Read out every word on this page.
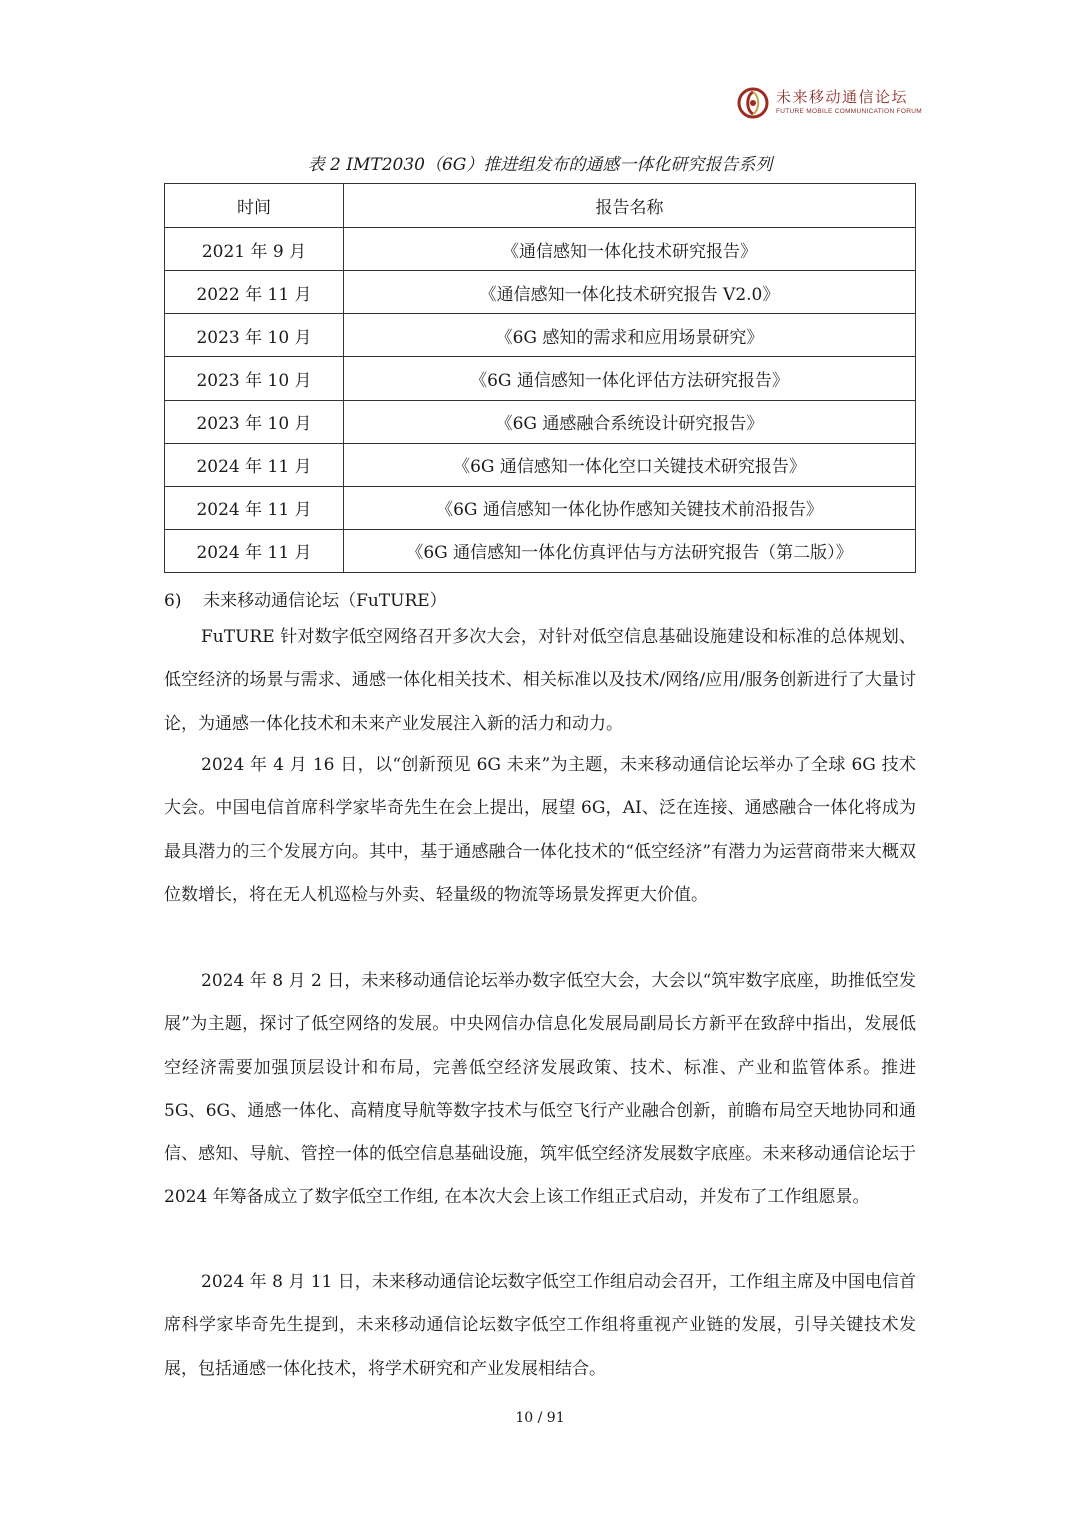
未来移动通信论坛
FUTURE MOBILE COMMUNICATION FORUM
表 2 IMT2030（6G）推进组发布的通感一体化研究报告系列
时间	报告名称
2021 年 9 月	《通信感知一体化技术研究报告》
2022 年 11 月	《通信感知一体化技术研究报告 V2.0》
2023 年 10 月	《6G 感知的需求和应用场景研究》
2023 年 10 月	《6G 通信感知一体化评估方法研究报告》
2023 年 10 月	《6G 通感融合系统设计研究报告》
2024 年 11 月	《6G 通信感知一体化空口关键技术研究报告》
2024 年 11 月	《6G 通信感知一体化协作感知关键技术前沿报告》
2024 年 11 月	《6G 通信感知一体化仿真评估与方法研究报告（第二版）》
6)    未来移动通信论坛（FuTURE）

FuTURE 针对数字低空网络召开多次大会，对针对低空信息基础设施建设和标准的总体规划、低空经济的场景与需求、通感一体化相关技术、相关标准以及技术/网络/应用/服务创新进行了大量讨论，为通感一体化技术和未来产业发展注入新的活力和动力。

2024 年 4 月 16 日，以“创新预见 6G 未来”为主题，未来移动通信论坛举办了全球 6G 技术大会。中国电信首席科学家毕奇先生在会上提出，展望 6G，AI、泛在连接、通感融合一体化将成为最具潜力的三个发展方向。其中，基于通感融合一体化技术的“低空经济”有潜力为运营商带来大概双位数增长，将在无人机巡检与外卖、轻量级的物流等场景发挥更大价值。

2024 年 8 月 2 日，未来移动通信论坛举办数字低空大会，大会以“筑牢数字底座，助推低空发展”为主题，探讨了低空网络的发展。中央网信办信息化发展局副局长方新平在致辞中指出，发展低空经济需要加强顶层设计和布局，完善低空经济发展政策、技术、标准、产业和监管体系。推进 5G、6G、通感一体化、高精度导航等数字技术与低空飞行产业融合创新，前瞻布局空天地协同和通信、感知、导航、管控一体的低空信息基础设施，筑牢低空经济发展数字底座。未来移动通信论坛于 2024 年筹备成立了数字低空工作组, 在本次大会上该工作组正式启动，并发布了工作组愿景。

2024 年 8 月 11 日，未来移动通信论坛数字低空工作组启动会召开，工作组主席及中国电信首席科学家毕奇先生提到，未来移动通信论坛数字低空工作组将重视产业链的发展，引导关键技术发展，包括通感一体化技术，将学术研究和产业发展相结合。

10 / 91
